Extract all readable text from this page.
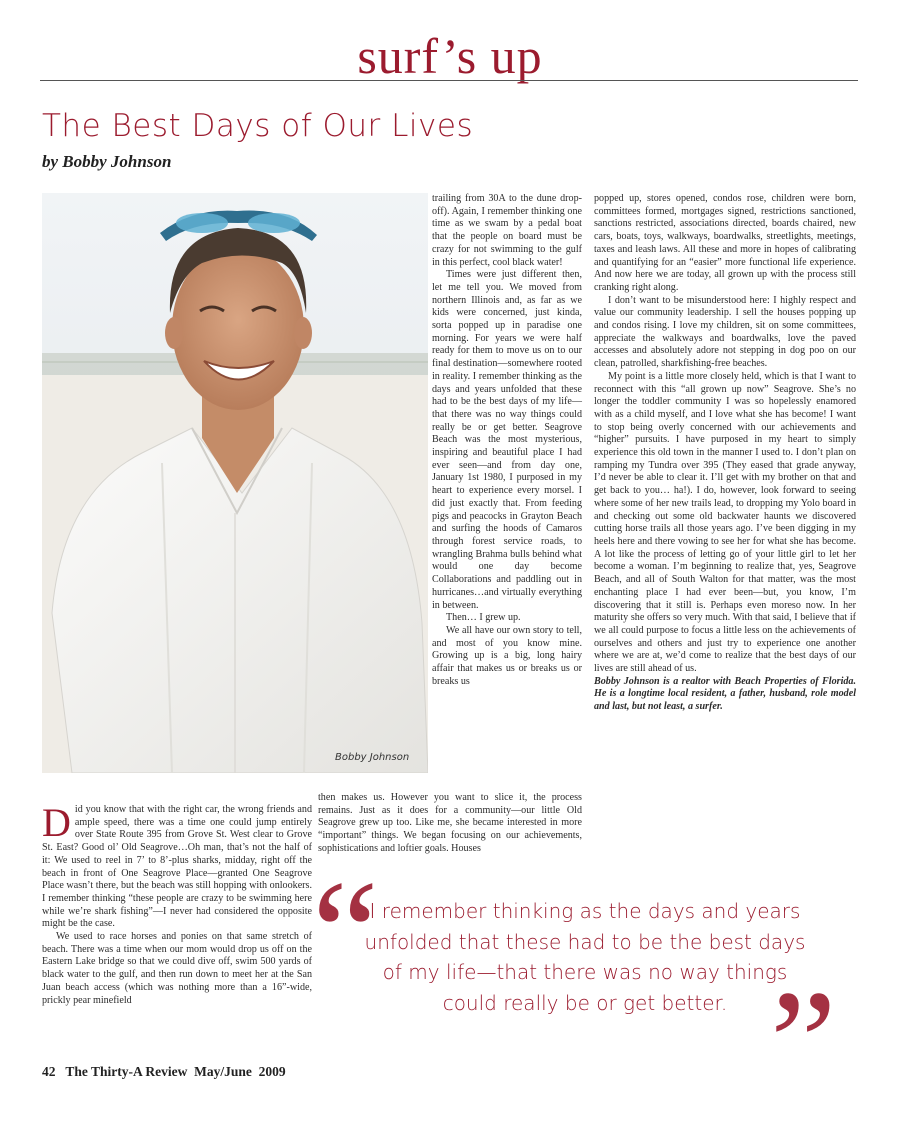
surf’s up
The Best Days of Our Lives
by Bobby Johnson
Bobby Johnson

trailing from 30A to the dune drop-off). Again, I remember thinking one time as we swam by a pedal boat that the people on board must be crazy for not swimming to the gulf in this perfect, cool black water!

Times were just different then, let me tell you. We moved from northern Illinois and, as far as we kids were concerned, just kinda, sorta popped up in paradise one morning. For years we were half ready for them to move us on to our final destination—somewhere rooted in reality. I remember thinking as the days and years unfolded that these had to be the best days of my life—that there was no way things could really be or get better. Seagrove Beach was the most mysterious, inspiring and beautiful place I had ever seen—and from day one, January 1st 1980, I purposed in my heart to experience every morsel. I did just exactly that. From feeding pigs and peacocks in Grayton Beach and surfing the hoods of Camaros through forest service roads, to wrangling Brahma bulls behind what would one day become Collaborations and paddling out in hurricanes…and virtually everything in between.

Then… I grew up.

We all have our own story to tell, and most of you know mine. Growing up is a big, long hairy affair that makes us or breaks us or breaks us

popped up, stores opened, condos rose, children were born, committees formed, mortgages signed, restrictions sanctioned, sanctions restricted, associations directed, boards chaired, new cars, boats, toys, walkways, boardwalks, streetlights, meetings, taxes and leash laws. All these and more in hopes of calibrating and quantifying for an “easier” more functional life experience. And now here we are today, all grown up with the process still cranking right along.

I don’t want to be misunderstood here: I highly respect and value our community leadership. I sell the houses popping up and condos rising. I love my children, sit on some committees, appreciate the walkways and boardwalks, love the paved accesses and absolutely adore not stepping in dog poo on our clean, patrolled, sharkfishing-free beaches.

My point is a little more closely held, which is that I want to reconnect with this “all grown up now” Seagrove. She’s no longer the toddler community I was so hopelessly enamored with as a child myself, and I love what she has become! I want to stop being overly concerned with our achievements and “higher” pursuits. I have purposed in my heart to simply experience this old town in the manner I used to. I don’t plan on ramping my Tundra over 395 (They eased that grade anyway, I’d never be able to clear it. I’ll get with my brother on that and get back to you… ha!). I do, however, look forward to seeing where some of her new trails lead, to dropping my Yolo board in and checking out some old backwater haunts we discovered cutting horse trails all those years ago. I’ve been digging in my heels here and there vowing to see her for what she has become. A lot like the process of letting go of your little girl to let her become a woman. I’m beginning to realize that, yes, Seagrove Beach, and all of South Walton for that matter, was the most enchanting place I had ever been—but, you know, I’m discovering that it still is. Perhaps even moreso now. In her maturity she offers so very much. With that said, I believe that if we all could purpose to focus a little less on the achievements of ourselves and others and just try to experience one another where we are at, we’d come to realize that the best days of our lives are still ahead of us.

Bobby Johnson is a realtor with Beach Properties of Florida. He is a longtime local resident, a father, husband, role model and last, but not least, a surfer.

Did you know that with the right car, the wrong friends and ample speed, there was a time one could jump entirely over State Route 395 from Grove St. West clear to Grove St. East? Good ol’ Old Seagrove…Oh man, that’s not the half of it: We used to reel in 7’ to 8’-plus sharks, midday, right off the beach in front of One Seagrove Place—granted One Seagrove Place wasn’t there, but the beach was still hopping with onlookers. I remember thinking “these people are crazy to be swimming here while we’re shark fishing”—I never had considered the opposite might be the case.

We used to race horses and ponies on that same stretch of beach. There was a time when our mom would drop us off on the Eastern Lake bridge so that we could dive off, swim 500 yards of black water to the gulf, and then run down to meet her at the San Juan beach access (which was nothing more than a 16”-wide, prickly pear minefield

then makes us. However you want to slice it, the process remains. Just as it does for a community—our little Old Seagrove grew up too. Like me, she became interested in more “important” things. We began focusing on our achievements, sophistications and loftier goals. Houses

“
I remember thinking as the days and years
unfolded that these had to be the best days
of my life—that there was no way things
could really be or get better. ”
42 The Thirty-A Review May/June  2009
